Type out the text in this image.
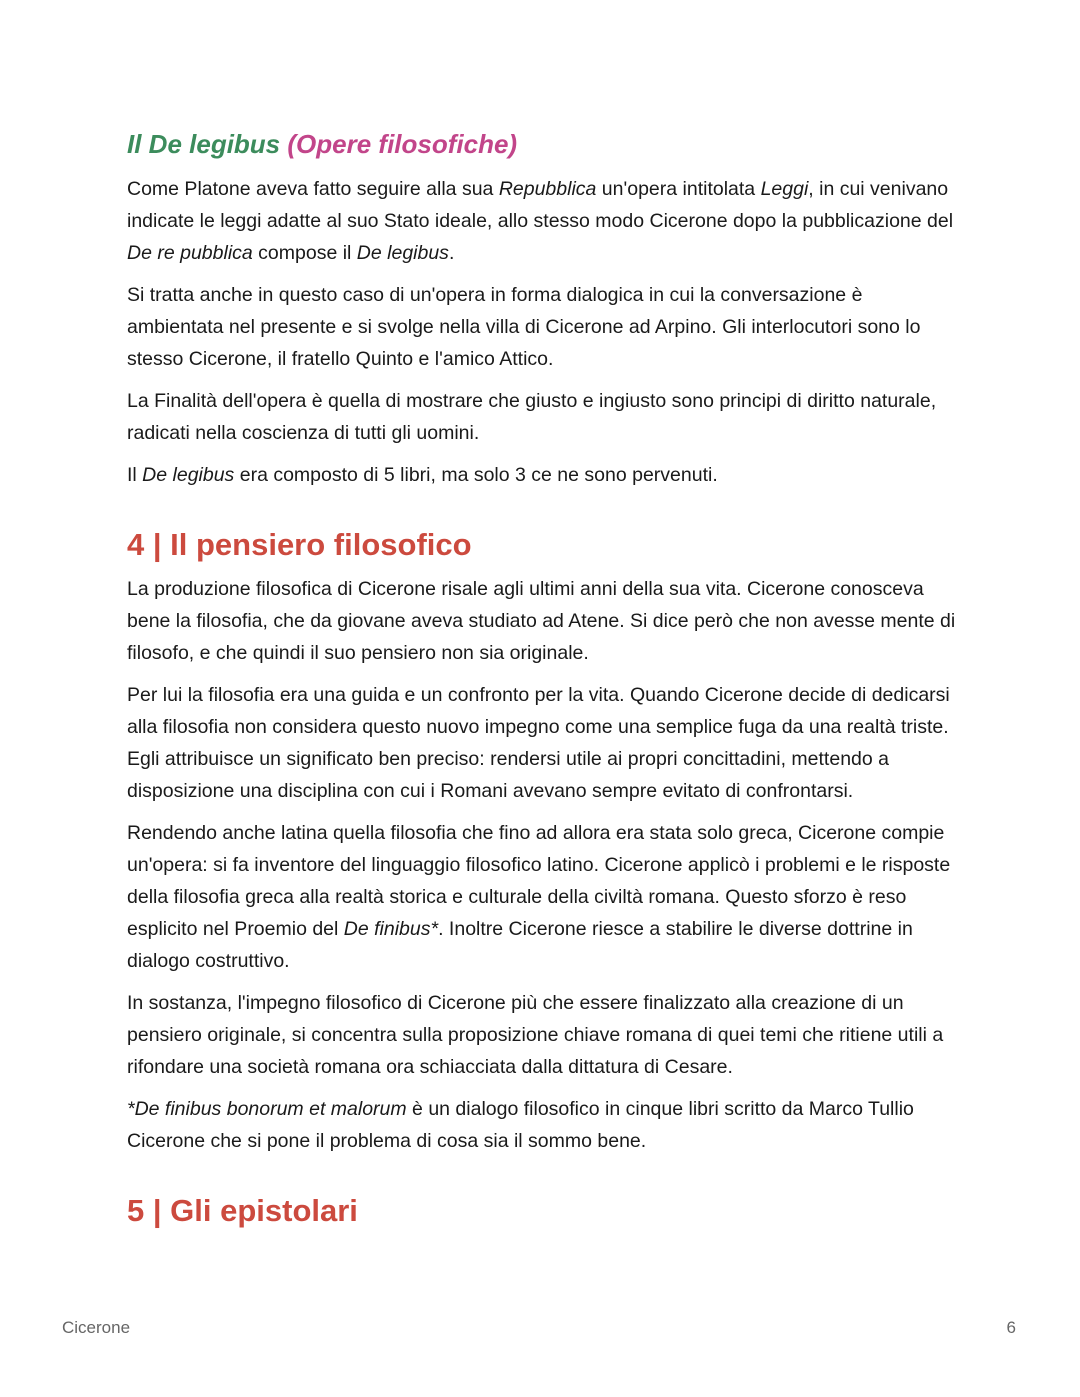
Il De legibus (Opere filosofiche)

Come Platone aveva fatto seguire alla sua Repubblica un'opera intitolata Leggi, in cui venivano indicate le leggi adatte al suo Stato ideale, allo stesso modo Cicerone dopo la pubblicazione del De re pubblica compose il De legibus.

Si tratta anche in questo caso di un'opera in forma dialogica in cui la conversazione è ambientata nel presente e si svolge nella villa di Cicerone ad Arpino. Gli interlocutori sono lo stesso Cicerone, il fratello Quinto e l'amico Attico.

La Finalità dell'opera è quella di mostrare che giusto e ingiusto sono principi di diritto naturale, radicati nella coscienza di tutti gli uomini.

Il De legibus era composto di 5 libri, ma solo 3 ce ne sono pervenuti.

4 | Il pensiero filosofico

La produzione filosofica di Cicerone risale agli ultimi anni della sua vita. Cicerone conosceva bene la filosofia, che da giovane aveva studiato ad Atene. Si dice però che non avesse mente di filosofo, e che quindi il suo pensiero non sia originale.

Per lui la filosofia era una guida e un confronto per la vita. Quando Cicerone decide di dedicarsi alla filosofia non considera questo nuovo impegno come una semplice fuga da una realtà triste. Egli attribuisce un significato ben preciso: rendersi utile ai propri concittadini, mettendo a disposizione una disciplina con cui i Romani avevano sempre evitato di confrontarsi.

Rendendo anche latina quella filosofia che fino ad allora era stata solo greca, Cicerone compie un'opera: si fa inventore del linguaggio filosofico latino. Cicerone applicò i problemi e le risposte della filosofia greca alla realtà storica e culturale della civiltà romana. Questo sforzo è reso esplicito nel Proemio del De finibus*. Inoltre Cicerone riesce a stabilire le diverse dottrine in dialogo costruttivo.

In sostanza, l'impegno filosofico di Cicerone più che essere finalizzato alla creazione di un pensiero originale, si concentra sulla proposizione chiave romana di quei temi che ritiene utili a rifondare una società romana ora schiacciata dalla dittatura di Cesare.

*De finibus bonorum et malorum è un dialogo filosofico in cinque libri scritto da Marco Tullio Cicerone che si pone il problema di cosa sia il sommo bene.

5 | Gli epistolari
Cicerone	6
